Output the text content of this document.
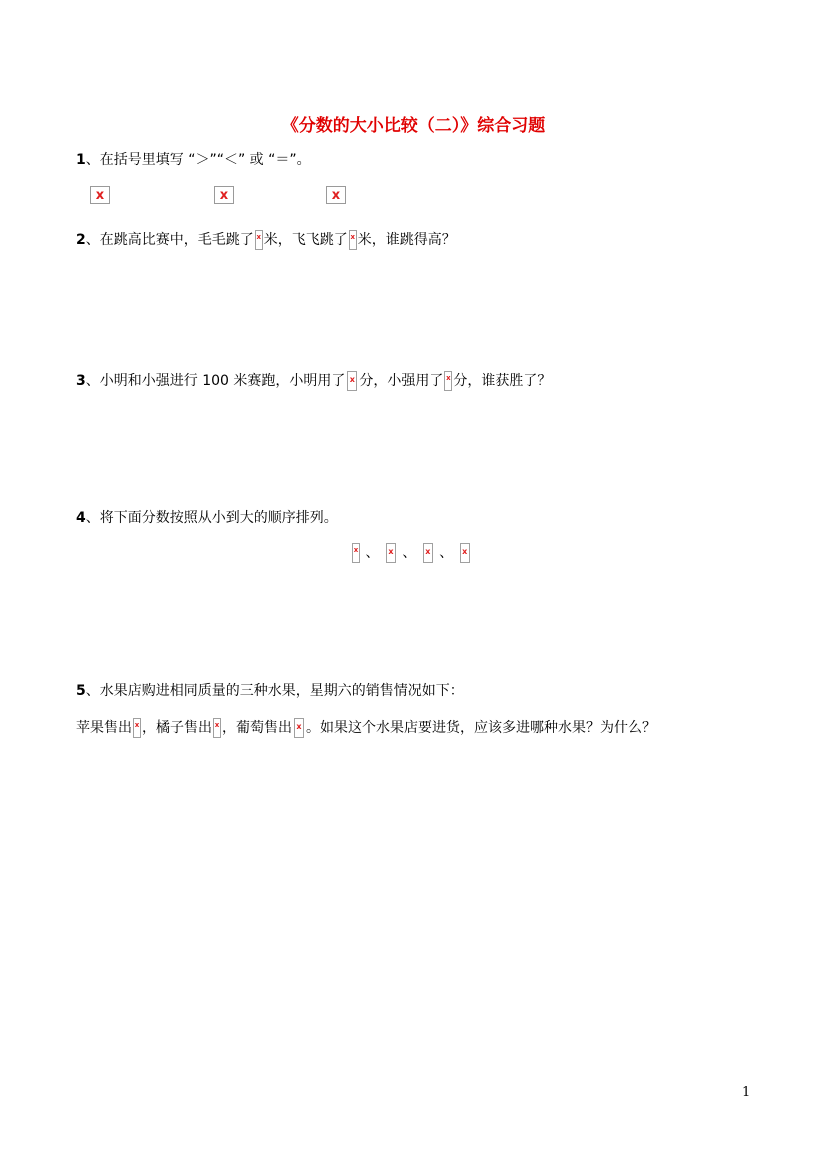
《分数的大小比较（二）》综合习题
1、在括号里填写 “＞”“＜” 或 “＝”。
x	x	x
2、在跳高比赛中，毛毛跳了 x 米，飞飞跳了 x 米，谁跳得高？
3、小明和小强进行 100 米赛跑，小明用了 x 分，小强用了 x 分，谁获胜了？
4、将下面分数按照从小到大的顺序排列。
x 、 x 、 x 、 x
5、水果店购进相同质量的三种水果，星期六的销售情况如下：
苹果售出 x ，橘子售出 x ，葡萄售出 x 。如果这个水果店要进货，应该多进哪种水果？为什么？
1
